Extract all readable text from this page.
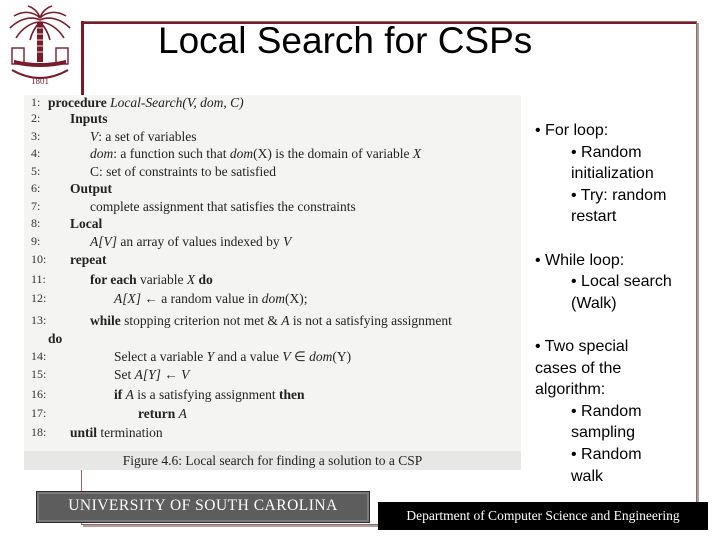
1801
Local Search for CSPs
1: procedure Local-Search(V, dom, C)
2:	Inputs
3:	V: a set of variables
4:	dom: a function such that dom(X) is the domain of variable X
5:	C: set of constraints to be satisfied
6:	Output
7:	complete assignment that satisfies the constraints
8:	Local
9:	A[V] an array of values indexed by V
10:	repeat
11:	for each variable X do
12:	A[X] ← a random value in dom(X);
13:	while stopping criterion not met & A is not a satisfying assignment
do
14:	Select a variable Y and a value V ∈ dom(Y)
15:	Set A[Y] ← V
16:	if A is a satisfying assignment then
17:	return A
18:	until termination
Figure 4.6: Local search for finding a solution to a CSP
• For loop:
• Random
initialization
• Try: random
restart
• While loop:
• Local search
(Walk)
• Two special
cases of the
algorithm:
• Random
sampling
• Random
walk
UNIVERSITY OF SOUTH CAROLINA
Department of Computer Science and Engineering
